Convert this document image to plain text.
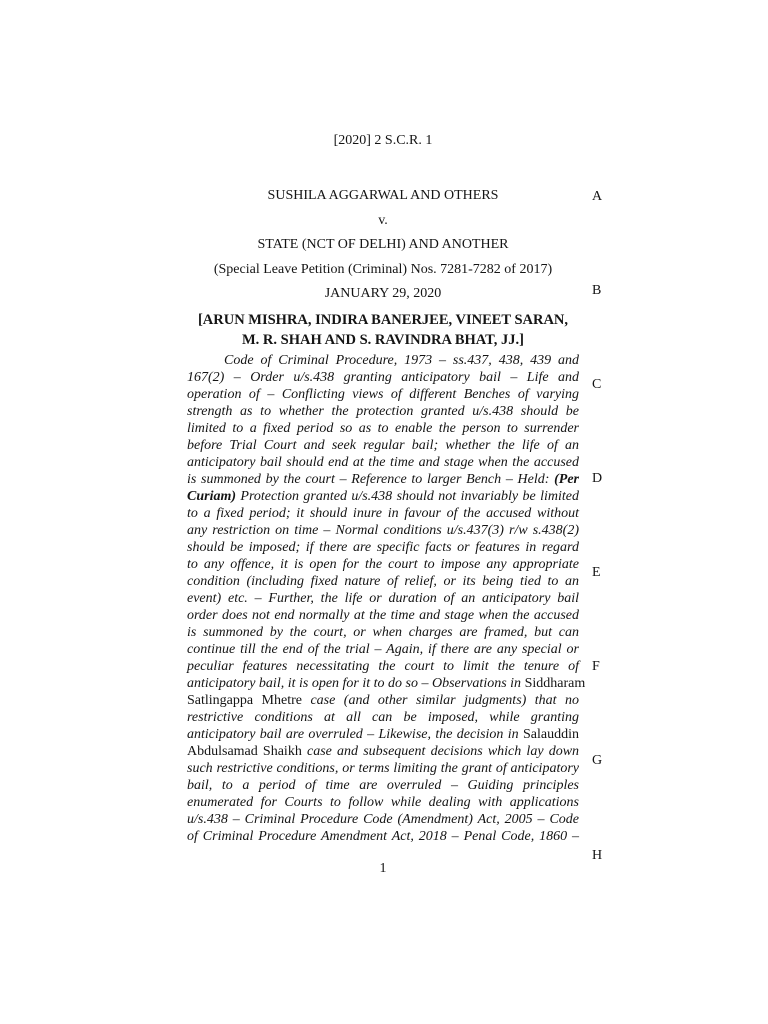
[2020] 2 S.C.R. 1
SUSHILA AGGARWAL AND OTHERS
v.
STATE (NCT OF DELHI) AND ANOTHER
(Special Leave Petition (Criminal) Nos. 7281-7282 of 2017)
JANUARY 29, 2020
[ARUN MISHRA, INDIRA BANERJEE, VINEET SARAN,
M. R. SHAH AND S. RAVINDRA BHAT, JJ.]
A
B
C
D
E
F
G
H
Code of Criminal Procedure, 1973 – ss.437, 438, 439 and
167(2) – Order u/s.438 granting anticipatory bail – Life and
operation of – Conflicting views of different Benches of varying
strength as to whether the protection granted u/s.438 should be
limited to a fixed period so as to enable the person to surrender
before Trial Court and seek regular bail; whether the life of an
anticipatory bail should end at the time and stage when the accused
is summoned by the court – Reference to larger Bench – Held: (Per
Curiam) Protection granted u/s.438 should not invariably be limited
to a fixed period; it should inure in favour of the accused without
any restriction on time – Normal conditions u/s.437(3) r/w s.438(2)
should be imposed; if there are specific facts or features in regard
to any offence, it is open for the court to impose any appropriate
condition (including fixed nature of relief, or its being tied to an
event) etc. – Further, the life or duration of an anticipatory bail
order does not end normally at the time and stage when the accused
is summoned by the court, or when charges are framed, but can
continue till the end of the trial – Again, if there are any special or
peculiar features necessitating the court to limit the tenure of
anticipatory bail, it is open for it to do so – Observations in Siddharam
Satlingappa Mhetre case (and other similar judgments) that no
restrictive conditions at all can be imposed, while granting
anticipatory bail are overruled – Likewise, the decision in Salauddin
Abdulsamad Shaikh case and subsequent decisions which lay down
such restrictive conditions, or terms limiting the grant of anticipatory
bail, to a period of time are overruled – Guiding principles
enumerated for Courts to follow while dealing with applications
u/s.438 – Criminal Procedure Code (Amendment) Act, 2005 – Code
of Criminal Procedure Amendment Act, 2018 – Penal Code, 1860 –
1
